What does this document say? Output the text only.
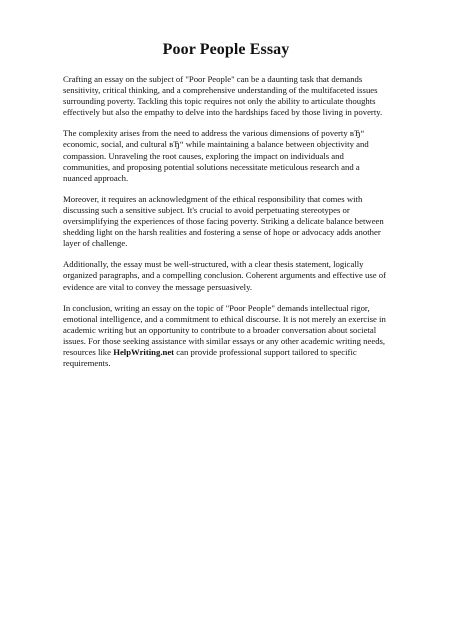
Poor People Essay

Crafting an essay on the subject of "Poor People" can be a daunting task that demands sensitivity, critical thinking, and a comprehensive understanding of the multifaceted issues surrounding poverty. Tackling this topic requires not only the ability to articulate thoughts effectively but also the empathy to delve into the hardships faced by those living in poverty.

The complexity arises from the need to address the various dimensions of poverty вЂ“ economic, social, and cultural вЂ“ while maintaining a balance between objectivity and compassion. Unraveling the root causes, exploring the impact on individuals and communities, and proposing potential solutions necessitate meticulous research and a nuanced approach.

Moreover, it requires an acknowledgment of the ethical responsibility that comes with discussing such a sensitive subject. It's crucial to avoid perpetuating stereotypes or oversimplifying the experiences of those facing poverty. Striking a delicate balance between shedding light on the harsh realities and fostering a sense of hope or advocacy adds another layer of challenge.

Additionally, the essay must be well-structured, with a clear thesis statement, logically organized paragraphs, and a compelling conclusion. Coherent arguments and effective use of evidence are vital to convey the message persuasively.

In conclusion, writing an essay on the topic of "Poor People" demands intellectual rigor, emotional intelligence, and a commitment to ethical discourse. It is not merely an exercise in academic writing but an opportunity to contribute to a broader conversation about societal issues. For those seeking assistance with similar essays or any other academic writing needs, resources like HelpWriting.net can provide professional support tailored to specific requirements.
